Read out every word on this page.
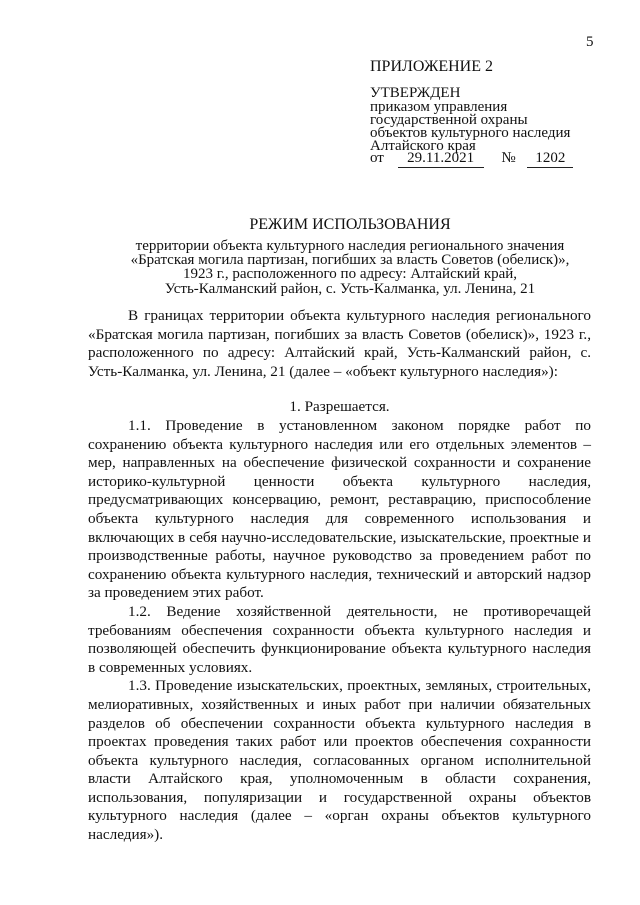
5
ПРИЛОЖЕНИЕ 2
УТВЕРЖДЕН
приказом управления
государственной охраны
объектов культурного наследия
Алтайского края
от 29.11.2021 № 1202
РЕЖИМ ИСПОЛЬЗОВАНИЯ
территории объекта культурного наследия регионального значения
«Братская могила партизан, погибших за власть Советов (обелиск)»,
1923 г., расположенного по адресу: Алтайский край,
Усть-Калманский район, с. Усть-Калманка, ул. Ленина, 21

В границах территории объекта культурного наследия регионального «Братская могила партизан, погибших за власть Советов (обелиск)», 1923 г., расположенного по адресу: Алтайский край, Усть-Калманский район, с. Усть-Калманка, ул. Ленина, 21 (далее – «объект культурного наследия»):

1. Разрешается.

1.1. Проведение в установленном законом порядке работ по сохранению объекта культурного наследия или его отдельных элементов – мер, направленных на обеспечение физической сохранности и сохранение историко-культурной ценности объекта культурного наследия, предусматривающих консервацию, ремонт, реставрацию, приспособление объекта культурного наследия для современного использования и включающих в себя научно-исследовательские, изыскательские, проектные и производственные работы, научное руководство за проведением работ по сохранению объекта культурного наследия, технический и авторский надзор за проведением этих работ.

1.2. Ведение хозяйственной деятельности, не противоречащей требованиям обеспечения сохранности объекта культурного наследия и позволяющей обеспечить функционирование объекта культурного наследия в современных условиях.

1.3. Проведение изыскательских, проектных, земляных, строительных, мелиоративных, хозяйственных и иных работ при наличии обязательных разделов об обеспечении сохранности объекта культурного наследия в проектах проведения таких работ или проектов обеспечения сохранности объекта культурного наследия, согласованных органом исполнительной власти Алтайского края, уполномоченным в области сохранения, использования, популяризации и государственной охраны объектов культурного наследия (далее – «орган охраны объектов культурного наследия»).
